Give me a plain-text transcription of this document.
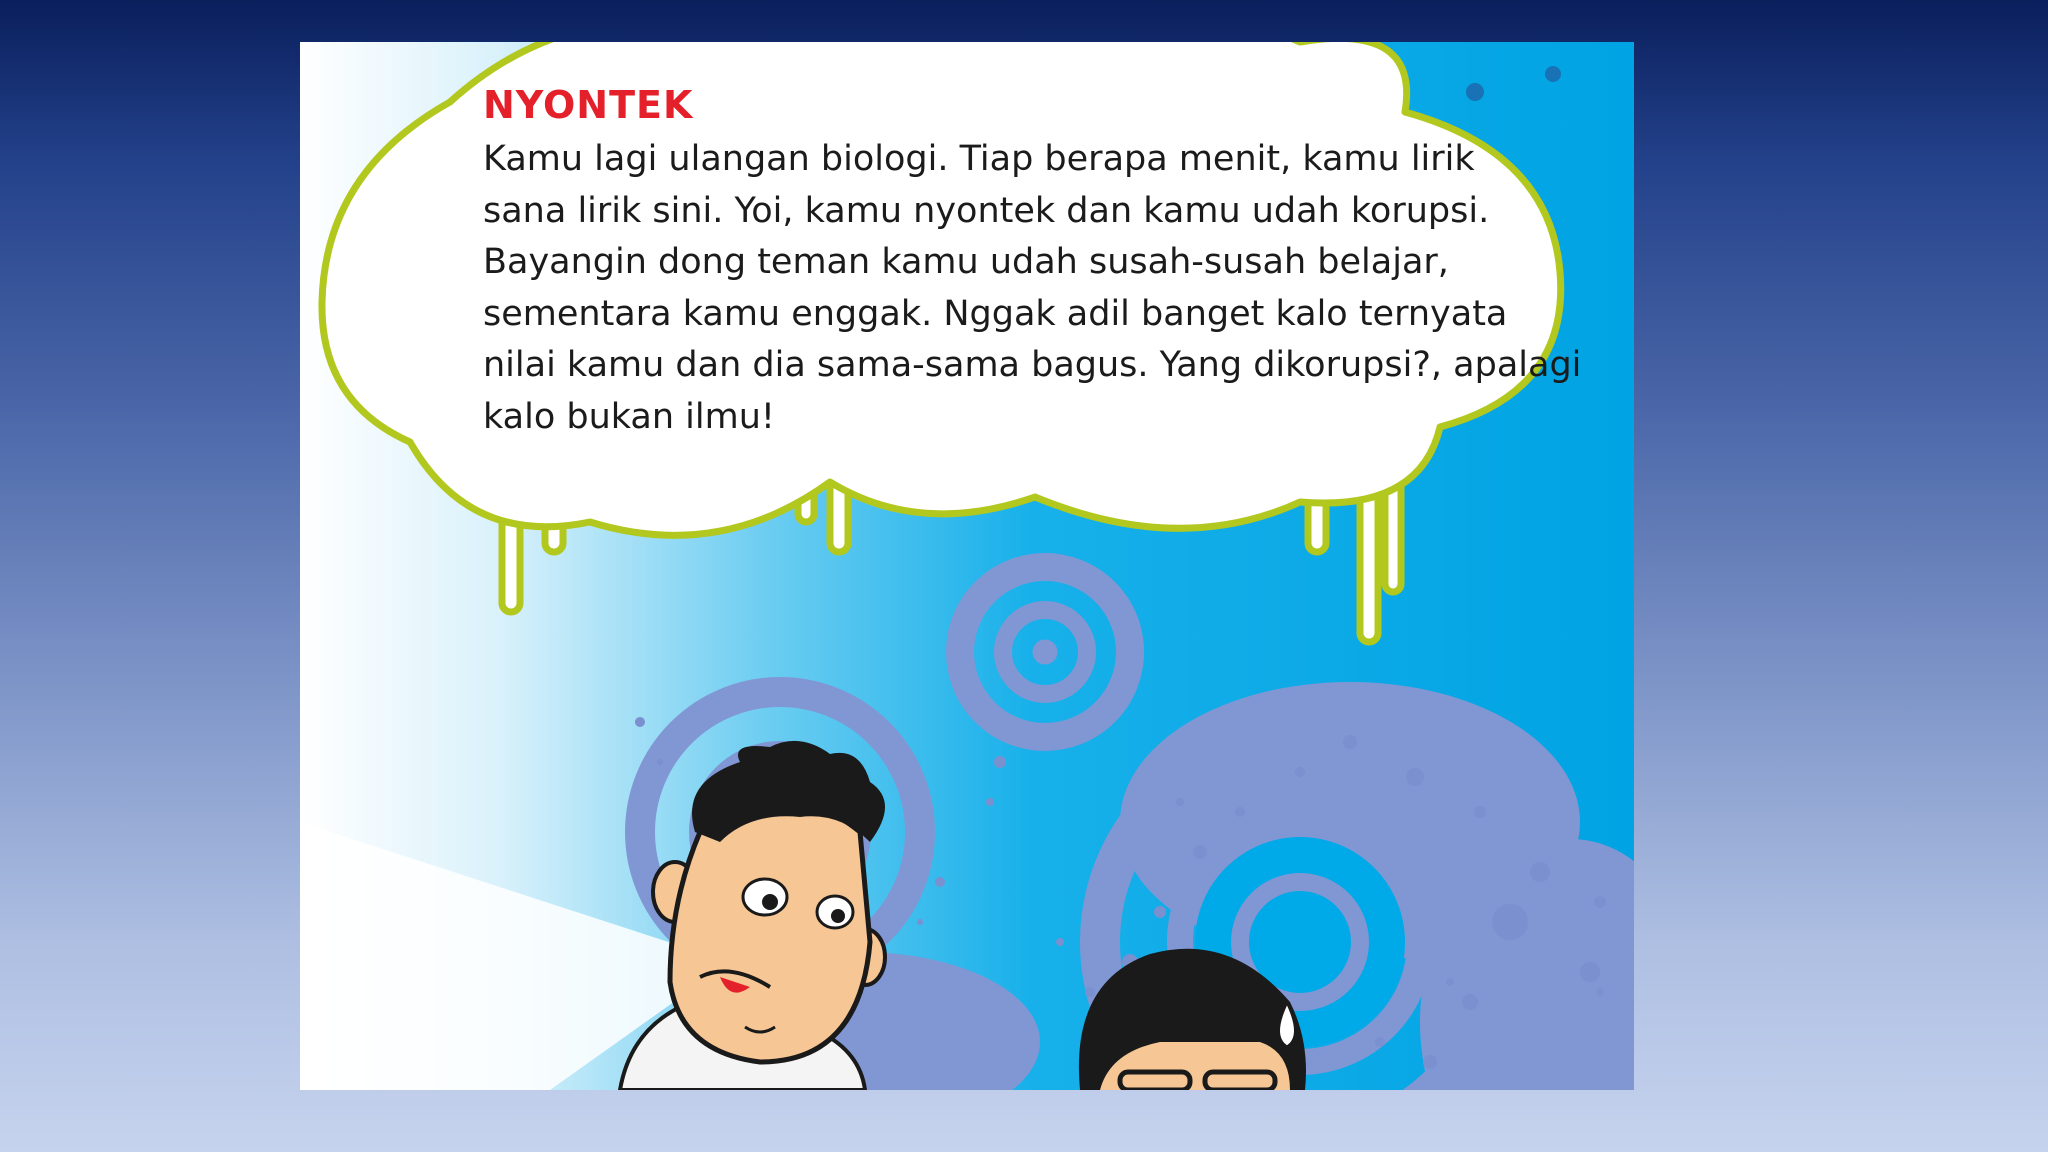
NYONTEK
Kamu lagi ulangan biologi. Tiap berapa menit, kamu lirik
sana lirik sini. Yoi, kamu nyontek dan kamu udah korupsi.
Bayangin dong teman kamu udah susah-susah belajar,
sementara kamu enggak. Nggak adil banget kalo ternyata
nilai kamu dan dia sama-sama bagus. Yang dikorupsi?, apalagi
kalo bukan ilmu!
